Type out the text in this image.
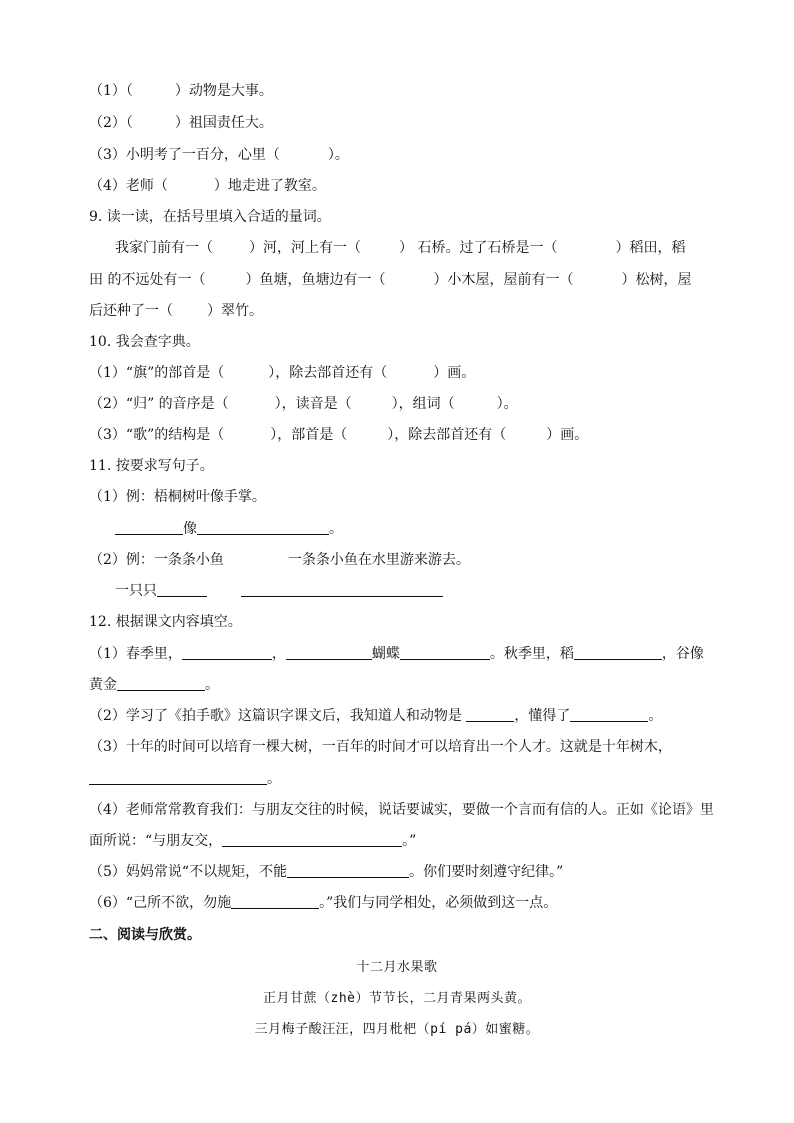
（1）（	）动物是大事。
（2）（	）祖国责任大。
（3）小明考了一百分，心里（	）。
（4）老师（	）地走进了教室。
9. 读一读，在括号里填入合适的量词。
我家门前有一（	）河，河上有一（	） 石桥。过了石桥是一（	）稻田，稻
田 的不远处有一（	）鱼塘，鱼塘边有一（	）小木屋，屋前有一（	）松树，屋
后还种了一（ ）翠竹。
10. 我会查字典。
（1）“旗”的部首是（	），除去部首还有（	）画。
（2）“归” 的音序是（	），读音是（	），组词（	）。
（3）“歌”的结构是（	），部首是（	），除去部首还有（	）画。
11. 按要求写句子。
（1）例：梧桐树叶像手掌。
像	。
（2）例：一条条小鱼	一条条小鱼在水里游来游去。
一只只
12. 根据课文内容填空。
（1）春季里，	，	蝴蝶	。秋季里，稻	，谷像
黄金	。
（2）学习了《拍手歌》这篇识字课文后，我知道人和动物是	，懂得了	。
（3）十年的时间可以培育一棵大树，一百年的时间才可以培育出一个人才。这就是十年树木，
。
（4）老师常常教育我们：与朋友交往的时候，说话要诚实，要做一个言而有信的人。正如《论语》里
面所说：“与朋友交，	。”
（5）妈妈常说“不以规矩，不能	。你们要时刻遵守纪律。”
（6）“己所不欲，勿施	。”我们与同学相处，必须做到这一点。
二、阅读与欣赏。
十二月水果歌
正月甘蔗（zhè）节节长，二月青果两头黄。
三月梅子酸汪汪，四月枇杷（pí pá）如蜜糖。
